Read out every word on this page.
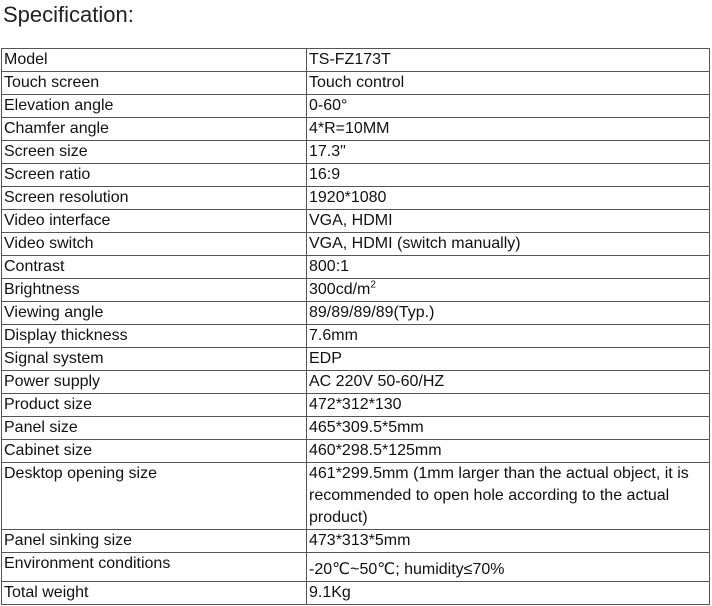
Specification:
Model	TS-FZ173T
Touch screen	Touch control
Elevation angle	0-60°
Chamfer angle	4*R=10MM
Screen size	17.3"
Screen ratio	16:9
Screen resolution	1920*1080
Video interface	VGA, HDMI
Video switch	VGA, HDMI (switch manually)
Contrast	800:1
Brightness	$300cd/m^2$
Viewing angle	89/89/89/89(Typ.)
Display thickness	7.6mm
Signal system	EDP
Power supply	AC 220V 50-60/HZ
Product size	472*312*130
Panel size	465*309.5*5mm
Cabinet size	460*298.5*125mm
Desktop opening size	461*299.5mm (1mm larger than the actual object, it is recommended to open hole according to the actual product)
Panel sinking size	473*313*5mm
Environment conditions	-20℃~50℃; humidity≤70%
Total weight	9.1Kg
